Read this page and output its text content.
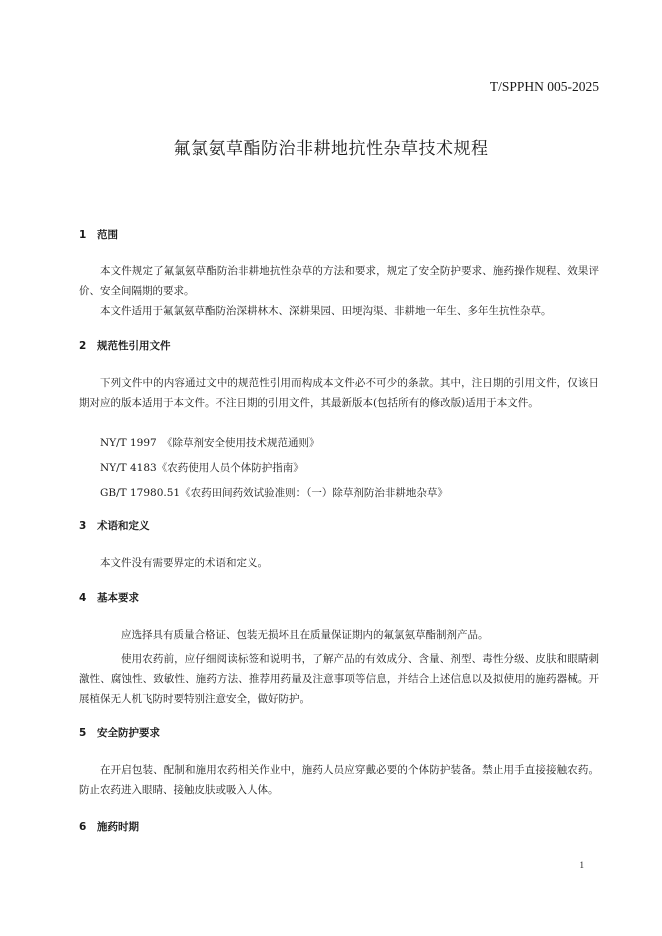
T/SPPHN 005-2025
氟氯氨草酯防治非耕地抗性杂草技术规程
1 范围

本文件规定了氟氯氨草酯防治非耕地抗性杂草的方法和要求，规定了安全防护要求、施药操作规程、效果评价、安全间隔期的要求。

本文件适用于氟氯氨草酯防治深耕林木、深耕果园、田埂沟渠、非耕地一年生、多年生抗性杂草。

2 规范性引用文件

下列文件中的内容通过文中的规范性引用而构成本文件必不可少的条款。其中，注日期的引用文件，仅该日期对应的版本适用于本文件。不注日期的引用文件，其最新版本(包括所有的修改版)适用于本文件。

NY/T 1997　《除草剂安全使用技术规范通则》
NY/T 4183《农药使用人员个体防护指南》
GB/T 17980.51《农药田间药效试验准则：（一）除草剂防治非耕地杂草》
3 术语和定义

本文件没有需要界定的术语和定义。

4 基本要求

应选择具有质量合格证、包装无损坏且在质量保证期内的氟氯氨草酯制剂产品。

使用农药前，应仔细阅读标签和说明书，了解产品的有效成分、含量、剂型、毒性分级、皮肤和眼睛刺激性、腐蚀性、致敏性、施药方法、推荐用药量及注意事项等信息，并结合上述信息以及拟使用的施药器械。开展植保无人机飞防时要特别注意安全，做好防护。

5 安全防护要求

在开启包装、配制和施用农药相关作业中，施药人员应穿戴必要的个体防护装备。禁止用手直接接触农药。防止农药进入眼睛、接触皮肤或吸入人体。

6 施药时期
1
